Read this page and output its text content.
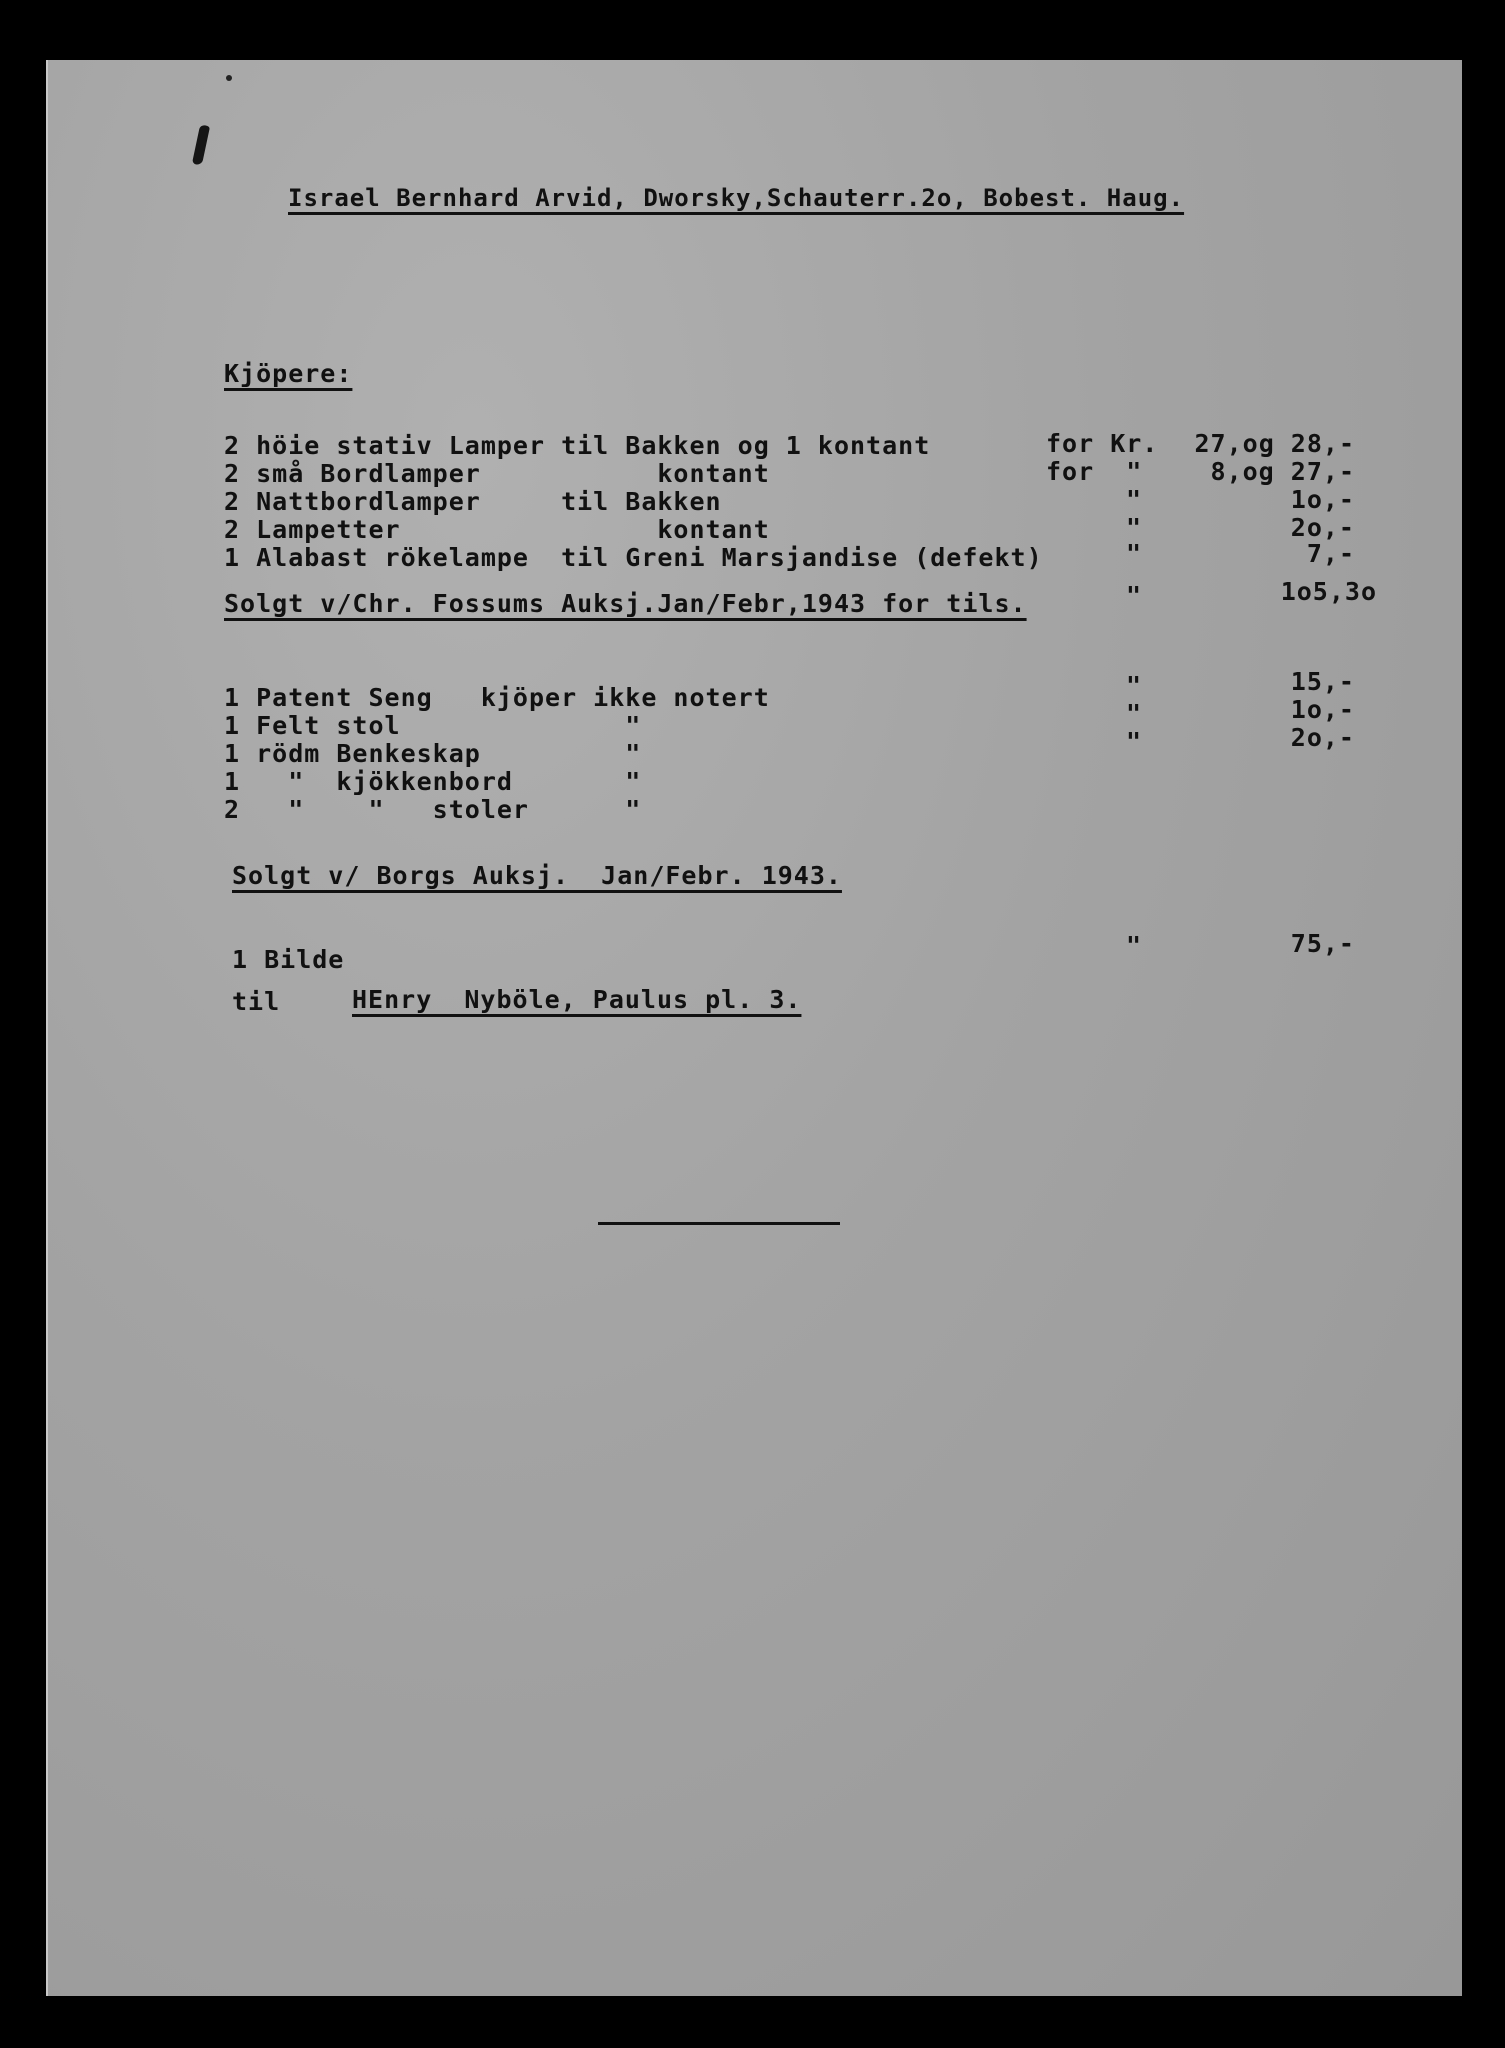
Israel Bernhard Arvid, Dworsky,Schauterr.2o, Bobest. Haug.
Kjöpere:
2 höie stativ Lamper til Bakken og 1 kontant	for Kr. 27,og 28,-
2 små Bordlamper           kontant	for  "	8,og 27,-
2 Nattbordlamper     til Bakken	"	1o,-
2 Lampetter                kontant	"	2o,-
1 Alabast rökelampe  til Greni Marsjandise (defekt)	"	7,-
Solgt v/Chr. Fossums Auksj.Jan/Febr,1943 for tils.	"	1o5,3o
1 Patent Seng   kjöper ikke notert	"	15,-
1 Felt stol              "	"	1o,-
1 rödm Benkeskap         "	"	2o,-
1   "  kjökkenbord       "
2   "    "   stoler      "
Solgt v/ Borgs Auksj.  Jan/Febr. 1943.
1 Bilde	"	75,-
til	HEnry  Nyböle, Paulus pl. 3.
